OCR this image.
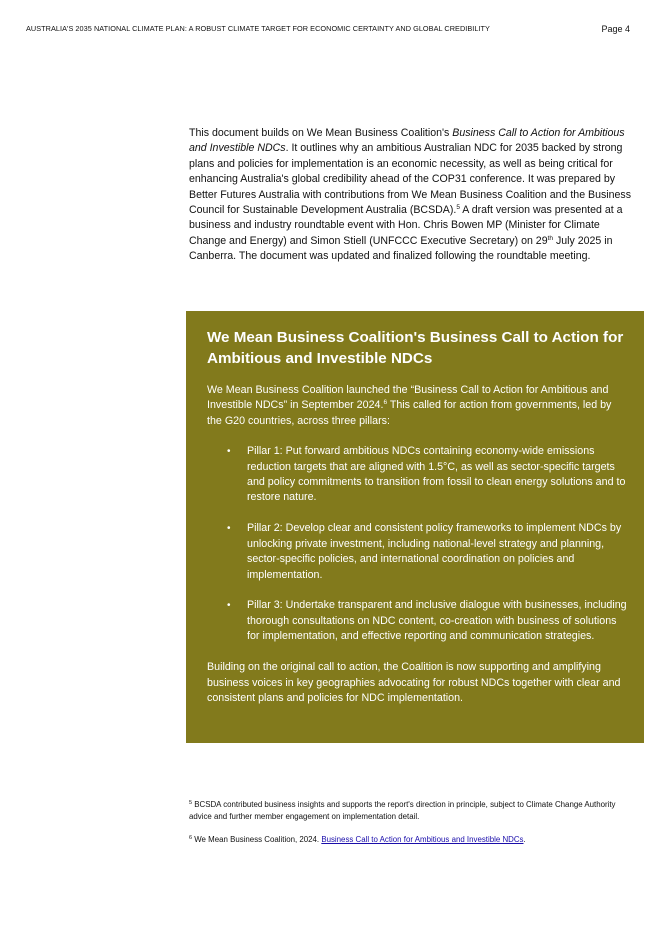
AUSTRALIA'S 2035 NATIONAL CLIMATE PLAN: A ROBUST CLIMATE TARGET FOR ECONOMIC CERTAINTY AND GLOBAL CREDIBILITY	Page 4
This document builds on We Mean Business Coalition's Business Call to Action for Ambitious and Investible NDCs. It outlines why an ambitious Australian NDC for 2035 backed by strong plans and policies for implementation is an economic necessity, as well as being critical for enhancing Australia's global credibility ahead of the COP31 conference. It was prepared by Better Futures Australia with contributions from We Mean Business Coalition and the Business Council for Sustainable Development Australia (BCSDA).$^5$ A draft version was presented at a business and industry roundtable event with Hon. Chris Bowen MP (Minister for Climate Change and Energy) and Simon Stiell (UNFCCC Executive Secretary) on 29th July 2025 in Canberra. The document was updated and finalized following the roundtable meeting.
We Mean Business Coalition's Business Call to Action for Ambitious and Investible NDCs

We Mean Business Coalition launched the “Business Call to Action for Ambitious and Investible NDCs” in September 2024.$^6$ This called for action from governments, led by the G20 countries, across three pillars:

• Pillar 1: Put forward ambitious NDCs containing economy-wide emissions reduction targets that are aligned with 1.5°C, as well as sector-specific targets and policy commitments to transition from fossil to clean energy solutions and to restore nature.
• Pillar 2: Develop clear and consistent policy frameworks to implement NDCs by unlocking private investment, including national-level strategy and planning, sector-specific policies, and international coordination on policies and implementation.
• Pillar 3: Undertake transparent and inclusive dialogue with businesses, including thorough consultations on NDC content, co-creation with business of solutions for implementation, and effective reporting and communication strategies.

Building on the original call to action, the Coalition is now supporting and amplifying business voices in key geographies advocating for robust NDCs together with clear and consistent plans and policies for NDC implementation.

$^5$ BCSDA contributed business insights and supports the report's direction in principle, subject to Climate Change Authority advice and further member engagement on implementation detail.

$^6$ We Mean Business Coalition, 2024. Business Call to Action for Ambitious and Investible NDCs.
